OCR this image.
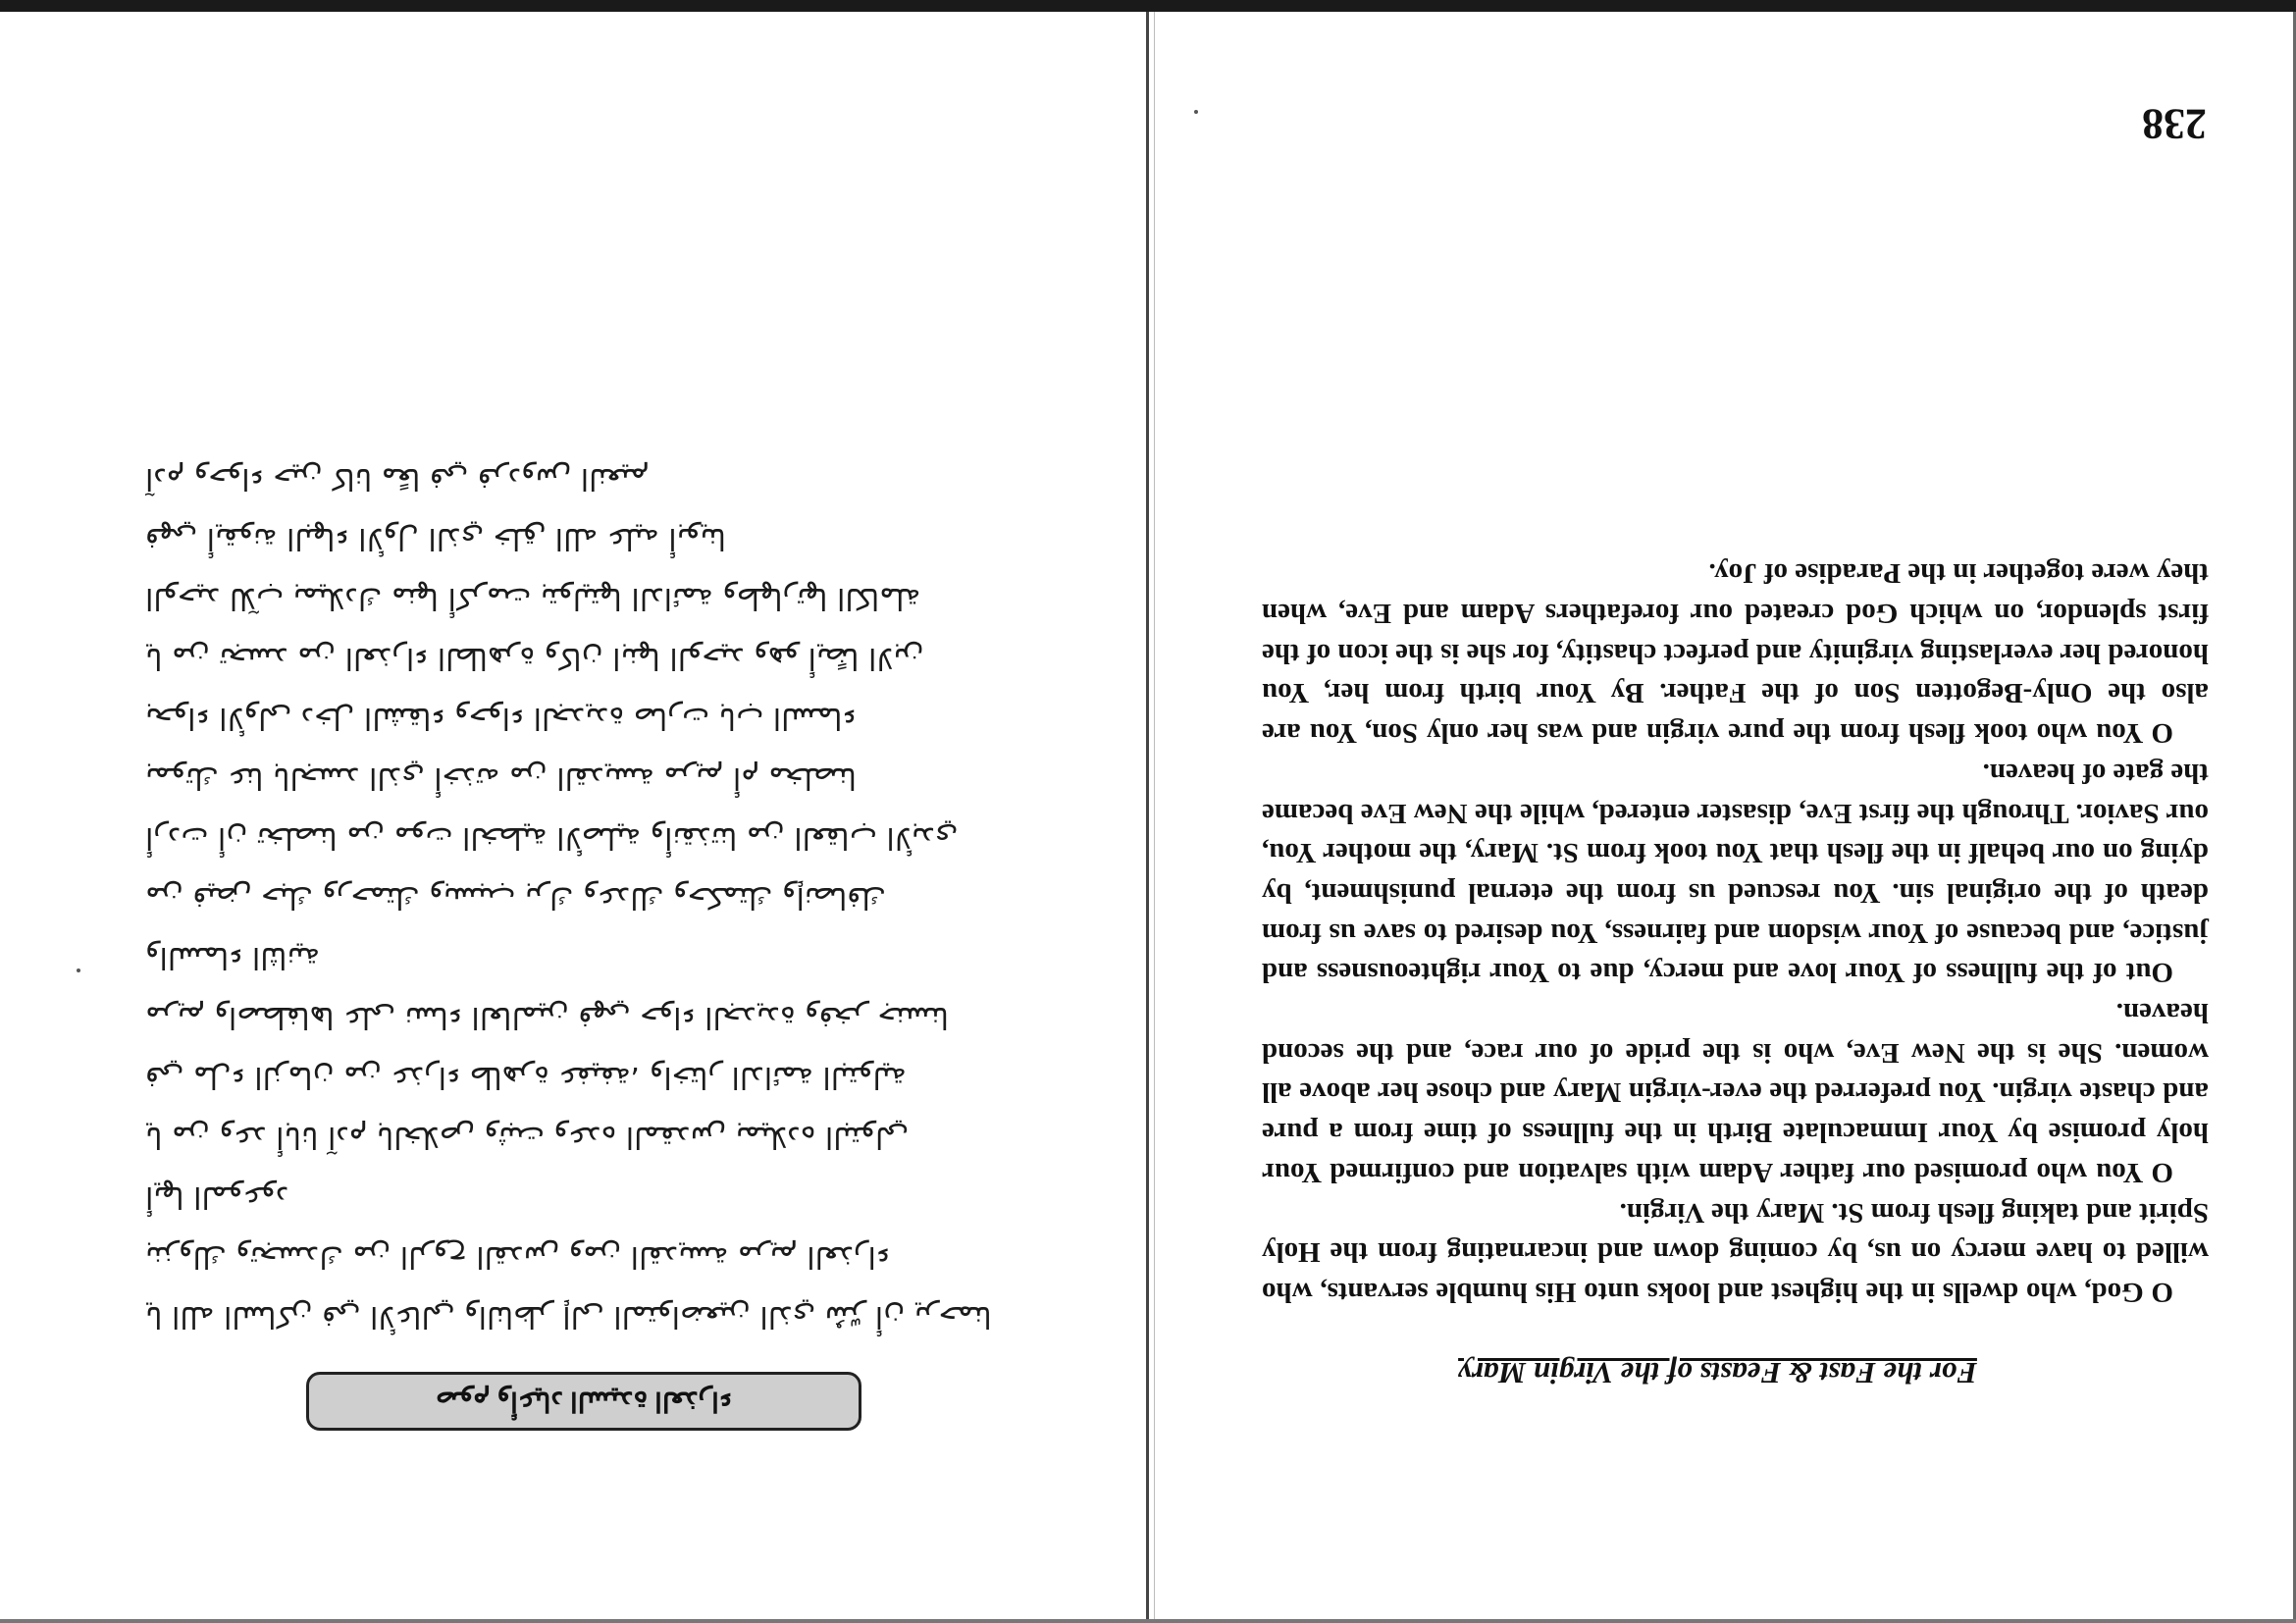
صوم وأعياد السيدة العذراء
يا الله الساكن في الأعالي والناظر إلى المتواضعين الذي سُرّ أن يرحمنا
بنزولك وتجسدك من الروح القدس ومن القديسة مريم العذراء
أيها الموعود
يا من وعد أبانا آدم بالخلاص وثبت وعده المقدس بميلاده البتولي
في ملء الزمان من عذراء طاهرة عفيفة، واختار الدائمة البتولية
مريم واصطفاها على نساء العالمين فهي حواء الجديدة وفخر جنسنا
والسماء الثانية
من فيض حبك ورحمتك وبسبب برك وعدلك وحكمتك وإنصافك
أردت أن تخلصنا من موت الخطية الأصلية وأنقذتنا من العقاب الأبدي
بموتك عنا بالجسد الذي أخذته من القديسة مريم أم مخلصنا
بحواء الأولى دخل الشقاء وحواء الجديدة صارت باب السماء
يا من تجسد من العذراء الطاهرة وكان ابنها الوحيد وهو أيضًا الابن
الوحيد للآب بميلادك منها أكرمت بتوليتها الدائمة وطهارتها الكاملة
فهي أيقونة البهاء الأول الذي خلق الله عليه أبوينا
آدم وحواء حين كانا معًا في فردوس النعيم
For the Fast & Feasts of the Virgin Mary

O God, who dwells in the highest and looks unto His humble servants, who willed to have mercy on us, by coming down and incarnating from the Holy Spirit and taking flesh from St. Mary the Virgin.

O You who promised our father Adam with salvation and confirmed Your holy promise by Your Immaculate Birth in the fullness of time from a pure and chaste virgin. You preferred the ever-virgin Mary and chose her above all women. She is the New Eve, who is the pride of our race, and the second heaven.

Out of the fullness of Your love and mercy, due to Your righteousness and justice, and because of Your wisdom and fairness, You desired to save us from death of the original sin. You rescued us from the eternal punishment, by dying on our behalf in the flesh that You took from St. Mary, the mother You, our Savior. Through the first Eve, disaster entered, while the New Eve became the gate of heaven.

O You who took flesh from the pure virgin and was her only Son, You are also the Only-Begotten Son of the Father. By Your birth from her, You honored her everlasting virginity and perfect chastity, for she is the icon of the first splendor, on which God created our forefathers Adam and Eve, when they were together in the Paradise of Joy.

238
